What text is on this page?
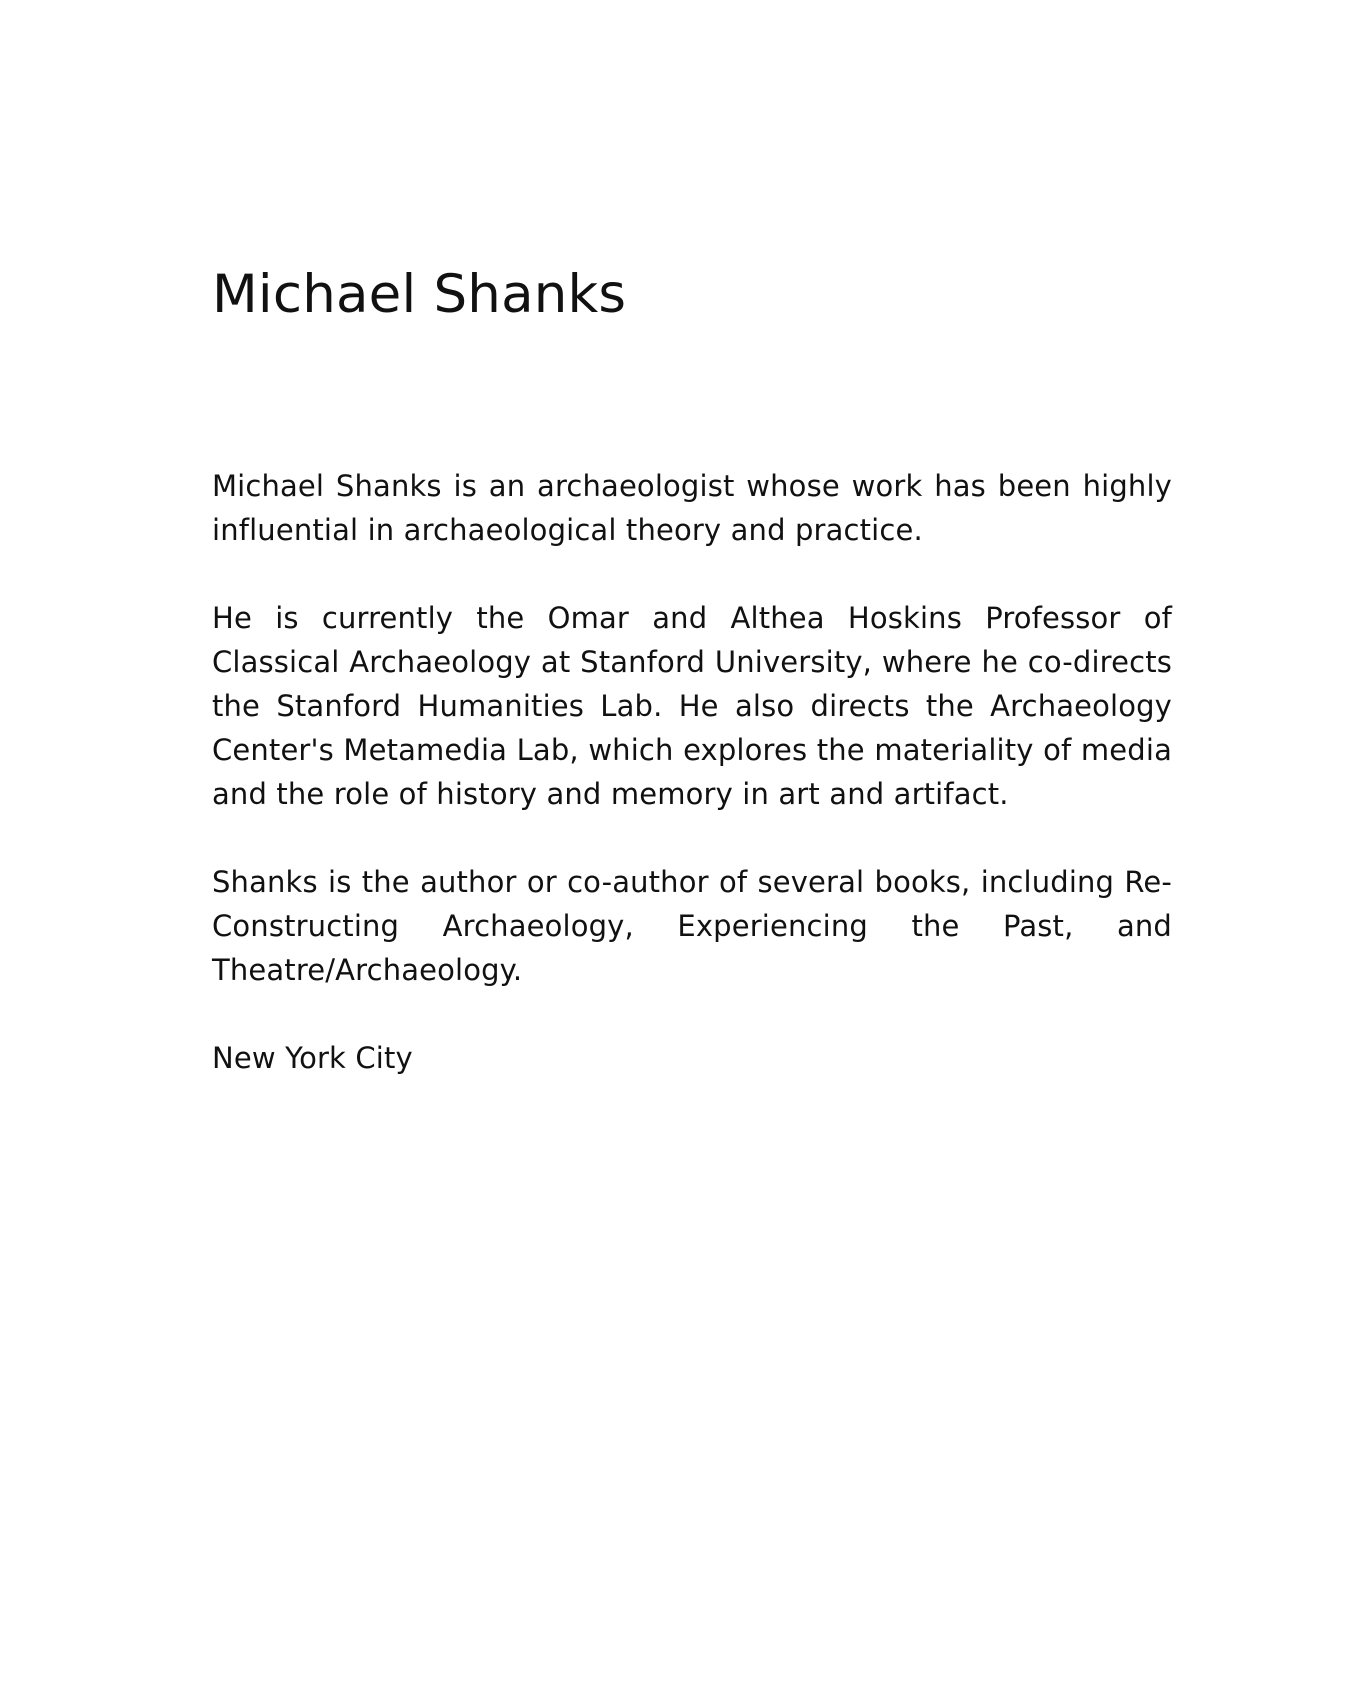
Michael Shanks

Michael Shanks is an archaeologist whose work has been highly influential in archaeological theory and practice.

He is currently the Omar and Althea Hoskins Professor of Classical Archaeology at Stanford University, where he co-directs the Stanford Humanities Lab. He also directs the Archaeology Center's Metamedia Lab, which explores the materiality of media and the role of history and memory in art and artifact.

Shanks is the author or co-author of several books, including Re-Constructing Archaeology, Experiencing the Past, and Theatre/Archaeology.

New York City
